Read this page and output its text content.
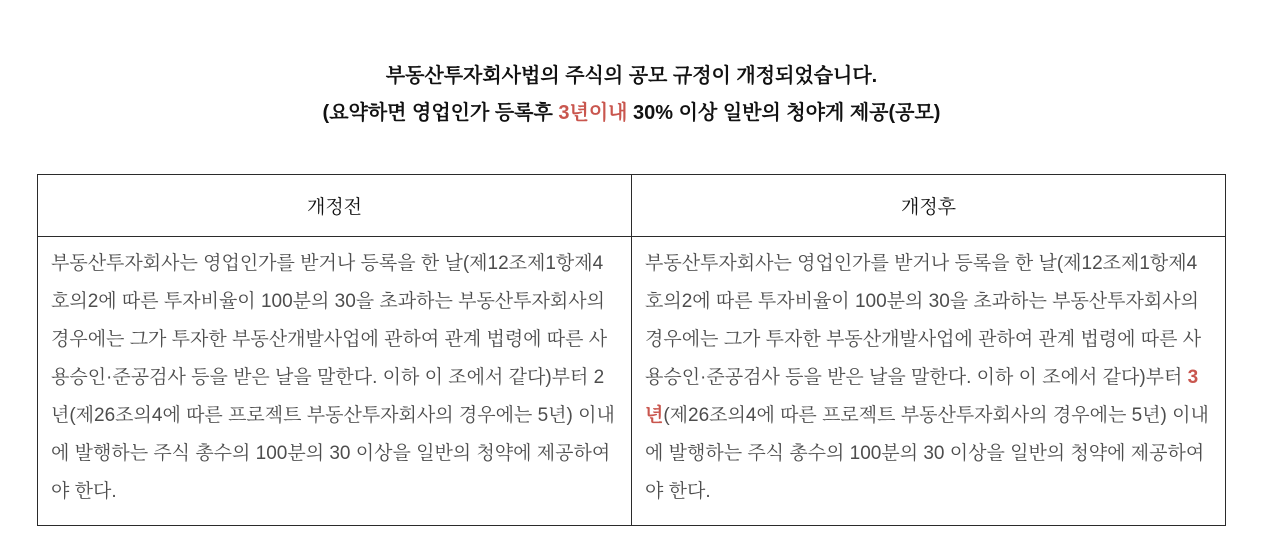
부동산투자회사법의 주식의 공모 규정이 개정되었습니다.
(요약하면 영업인가 등록후 3년이내 30% 이상 일반의 청야게 제공(공모)
개정전	개정후
부동산투자회사는 영업인가를 받거나 등록을 한 날(제12조제1항제4호의2에 따른 투자비율이 100분의 30을 초과하는 부동산투자회사의 경우에는 그가 투자한 부동산개발사업에 관하여 관계 법령에 따른 사용승인·준공검사 등을 받은 날을 말한다. 이하 이 조에서 같다)부터 2년(제26조의4에 따른 프로젝트 부동산투자회사의 경우에는 5년) 이내에 발행하는 주식 총수의 100분의 30 이상을 일반의 청약에 제공하여야 한다.	부동산투자회사는 영업인가를 받거나 등록을 한 날(제12조제1항제4호의2에 따른 투자비율이 100분의 30을 초과하는 부동산투자회사의 경우에는 그가 투자한 부동산개발사업에 관하여 관계 법령에 따른 사용승인·준공검사 등을 받은 날을 말한다. 이하 이 조에서 같다)부터 3년(제26조의4에 따른 프로젝트 부동산투자회사의 경우에는 5년) 이내에 발행하는 주식 총수의 100분의 30 이상을 일반의 청약에 제공하여야 한다.
